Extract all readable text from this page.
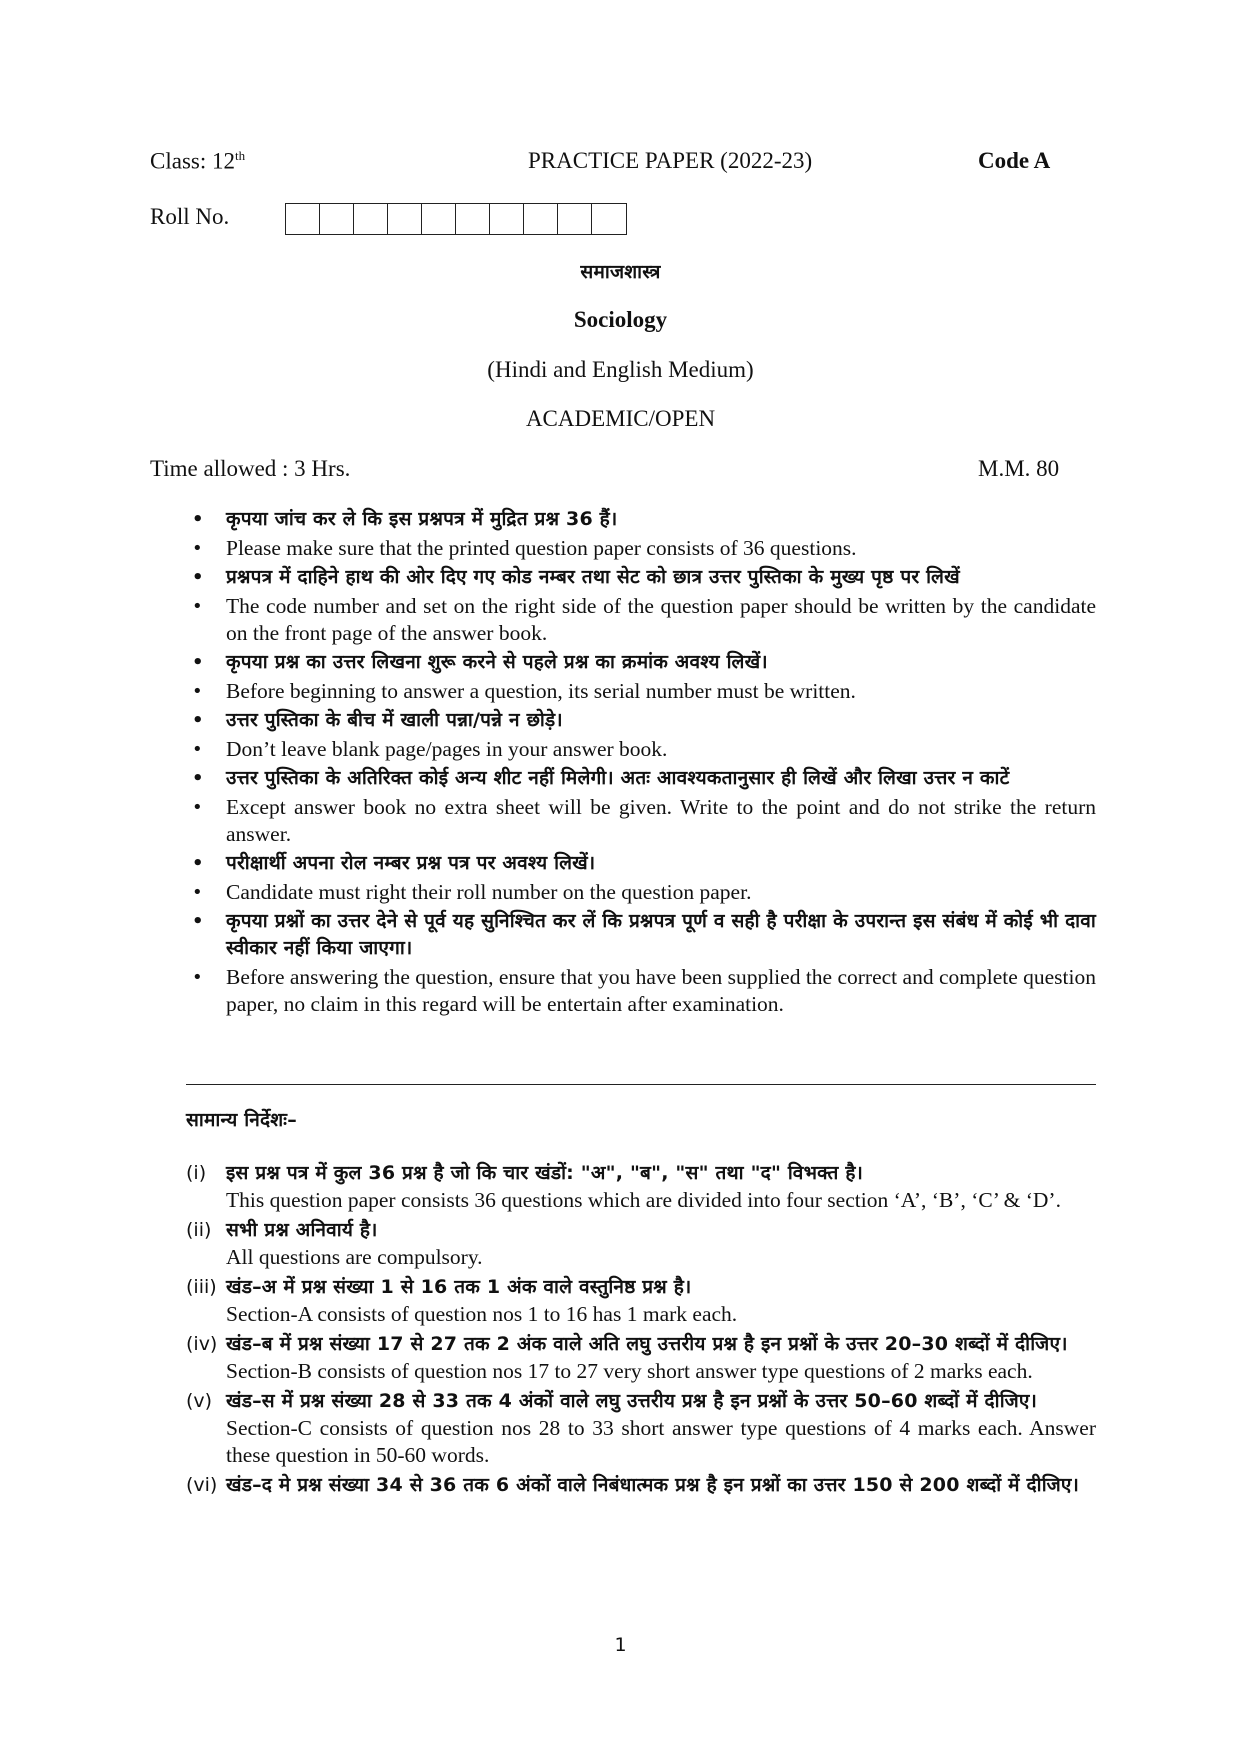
Class: 12th	PRACTICE PAPER (2022-23)	Code A
Roll No.
समाजशास्त्र
Sociology
(Hindi and English Medium)
ACADEMIC/OPEN
Time allowed : 3 Hrs.	M.M. 80
• कृपया जांच कर ले कि इस प्रश्नपत्र में मुद्रित प्रश्न 36 हैं।
• Please make sure that the printed question paper consists of 36 questions.
• प्रश्नपत्र में दाहिने हाथ की ओर दिए गए कोड नम्बर तथा सेट को छात्र उत्तर पुस्तिका के मुख्य पृष्ठ पर लिखें
• The code number and set on the right side of the question paper should be written by the candidate on the front page of the answer book.
• कृपया प्रश्न का उत्तर लिखना शुरू करने से पहले प्रश्न का क्रमांक अवश्य लिखें।
• Before beginning to answer a question, its serial number must be written.
• उत्तर पुस्तिका के बीच में खाली पन्ना/पन्ने न छोड़े।
• Don’t leave blank page/pages in your answer book.
• उत्तर पुस्तिका के अतिरिक्त कोई अन्य शीट नहीं मिलेगी। अतः आवश्यकतानुसार ही लिखें और लिखा उत्तर न काटें
• Except answer book no extra sheet will be given. Write to the point and do not strike the return answer.
• परीक्षार्थी अपना रोल नम्बर प्रश्न पत्र पर अवश्य लिखें।
• Candidate must right their roll number on the question paper.
• कृपया प्रश्नों का उत्तर देने से पूर्व यह सुनिश्चित कर लें कि प्रश्नपत्र पूर्ण व सही है परीक्षा के उपरान्त इस संबंध में कोई भी दावा स्वीकार नहीं किया जाएगा।
• Before answering the question, ensure that you have been supplied the correct and complete question paper, no claim in this regard will be entertain after examination.
सामान्य निर्देशः–
(i) इस प्रश्न पत्र में कुल 36 प्रश्न है जो कि चार खंडों: "अ", "ब", "स" तथा "द" विभक्त है।
This question paper consists 36 questions which are divided into four section ‘A’, ‘B’, ‘C’ & ‘D’.
(ii) सभी प्रश्न अनिवार्य है।
All questions are compulsory.
(iii) खंड–अ में प्रश्न संख्या 1 से 16 तक 1 अंक वाले वस्तुनिष्ठ प्रश्न है।
Section-A consists of question nos 1 to 16 has 1 mark each.
(iv) खंड–ब में प्रश्न संख्या 17 से 27 तक 2 अंक वाले अति लघु उत्तरीय प्रश्न है इन प्रश्नों के उत्तर 20–30 शब्दों में दीजिए।
Section-B consists of question nos 17 to 27 very short answer type questions of 2 marks each.
(v) खंड–स में प्रश्न संख्या 28 से 33 तक 4 अंकों वाले लघु उत्तरीय प्रश्न है इन प्रश्नों के उत्तर 50–60 शब्दों में दीजिए।
Section-C consists of question nos 28 to 33 short answer type questions of 4 marks each. Answer these question in 50-60 words.
(vi) खंड–द मे प्रश्न संख्या 34 से 36 तक 6 अंकों वाले निबंधात्मक प्रश्न है इन प्रश्नों का उत्तर 150 से 200 शब्दों में दीजिए।
1
